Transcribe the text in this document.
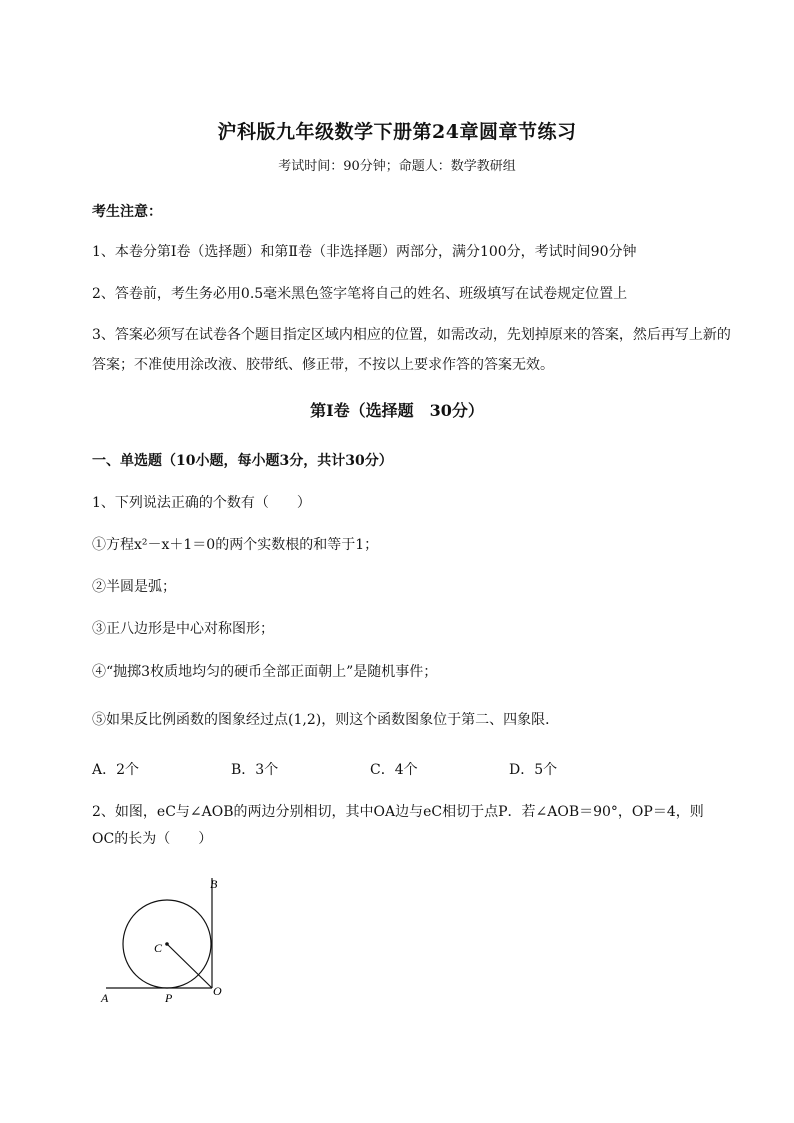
沪科版九年级数学下册第24章圆章节练习
考试时间：90分钟；命题人：数学教研组
考生注意：
1、本卷分第I卷（选择题）和第Ⅱ卷（非选择题）两部分，满分100分，考试时间90分钟
2、答卷前，考生务必用0.5毫米黑色签字笔将自己的姓名、班级填写在试卷规定位置上
3、答案必须写在试卷各个题目指定区域内相应的位置，如需改动，先划掉原来的答案，然后再写上新的答案；不准使用涂改液、胶带纸、修正带，不按以上要求作答的答案无效。
第I卷（选择题　30分）
一、单选题（10小题，每小题3分，共计30分）
1、下列说法正确的个数有（　　）
①方程x²－x＋1＝0的两个实数根的和等于1；
②半圆是弧；
③正八边形是中心对称图形；
④“抛掷3枚质地均匀的硬币全部正面朝上”是随机事件；
⑤如果反比例函数的图象经过点(1,2)，则这个函数图象位于第二、四象限．
A．2个	B．3个	C．4个	D．5个
2、如图，eC与∠AOB的两边分别相切，其中OA边与eC相切于点P．若∠AOB＝90°，OP＝4，则
OC的长为（　　）
B
C
A	P	O
